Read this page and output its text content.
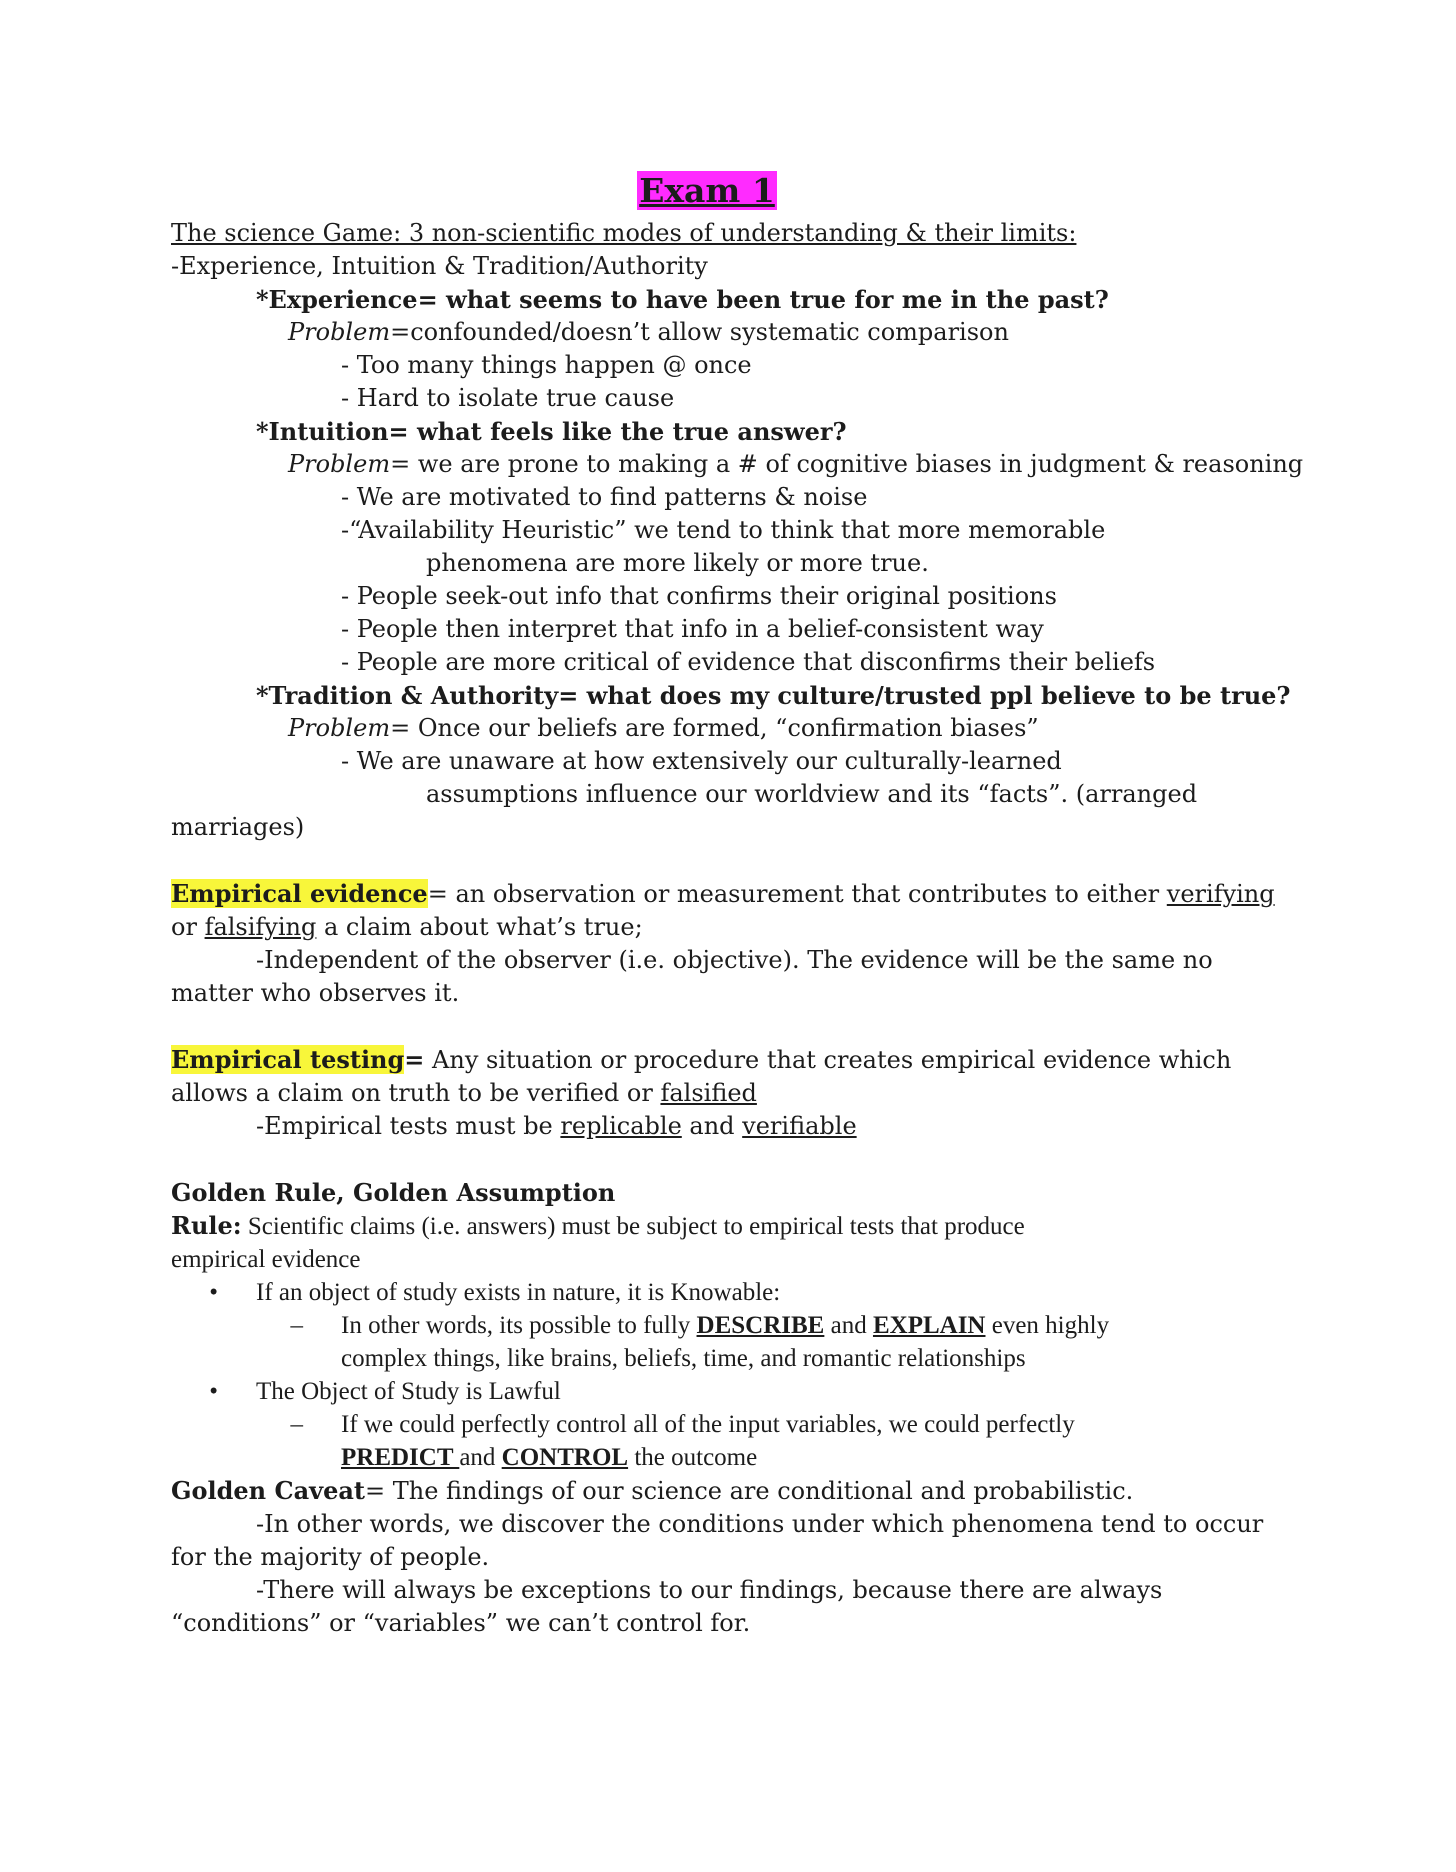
Exam 1
The science Game: 3 non-scientific modes of understanding & their limits:
-Experience, Intuition & Tradition/Authority
*Experience= what seems to have been true for me in the past?
Problem=confounded/doesn’t allow systematic comparison
- Too many things happen @ once
- Hard to isolate true cause
*Intuition= what feels like the true answer?
Problem= we are prone to making a # of cognitive biases in judgment & reasoning
- We are motivated to find patterns & noise
-“Availability Heuristic” we tend to think that more memorable
phenomena are more likely or more true.
- People seek-out info that confirms their original positions
- People then interpret that info in a belief-consistent way
- People are more critical of evidence that disconfirms their beliefs
*Tradition & Authority= what does my culture/trusted ppl believe to be true?
Problem= Once our beliefs are formed, “confirmation biases”
- We are unaware at how extensively our culturally-learned
assumptions influence our worldview and its “facts”. (arranged
marriages)
Empirical evidence= an observation or measurement that contributes to either verifying
or falsifying a claim about what’s true;
-Independent of the observer (i.e. objective). The evidence will be the same no
matter who observes it.
Empirical testing= Any situation or procedure that creates empirical evidence which
allows a claim on truth to be verified or falsified
-Empirical tests must be replicable and verifiable
Golden Rule, Golden Assumption
Rule: Scientific claims (i.e. answers) must be subject to empirical tests that produce
empirical evidence
•	If an object of study exists in nature, it is Knowable:
–	In other words, its possible to fully DESCRIBE and EXPLAIN even highly
complex things, like brains, beliefs, time, and romantic relationships
•	The Object of Study is Lawful
–	If we could perfectly control all of the input variables, we could perfectly
PREDICT and CONTROL the outcome
Golden Caveat= The findings of our science are conditional and probabilistic.
-In other words, we discover the conditions under which phenomena tend to occur
for the majority of people.
-There will always be exceptions to our findings, because there are always
“conditions” or “variables” we can’t control for.
